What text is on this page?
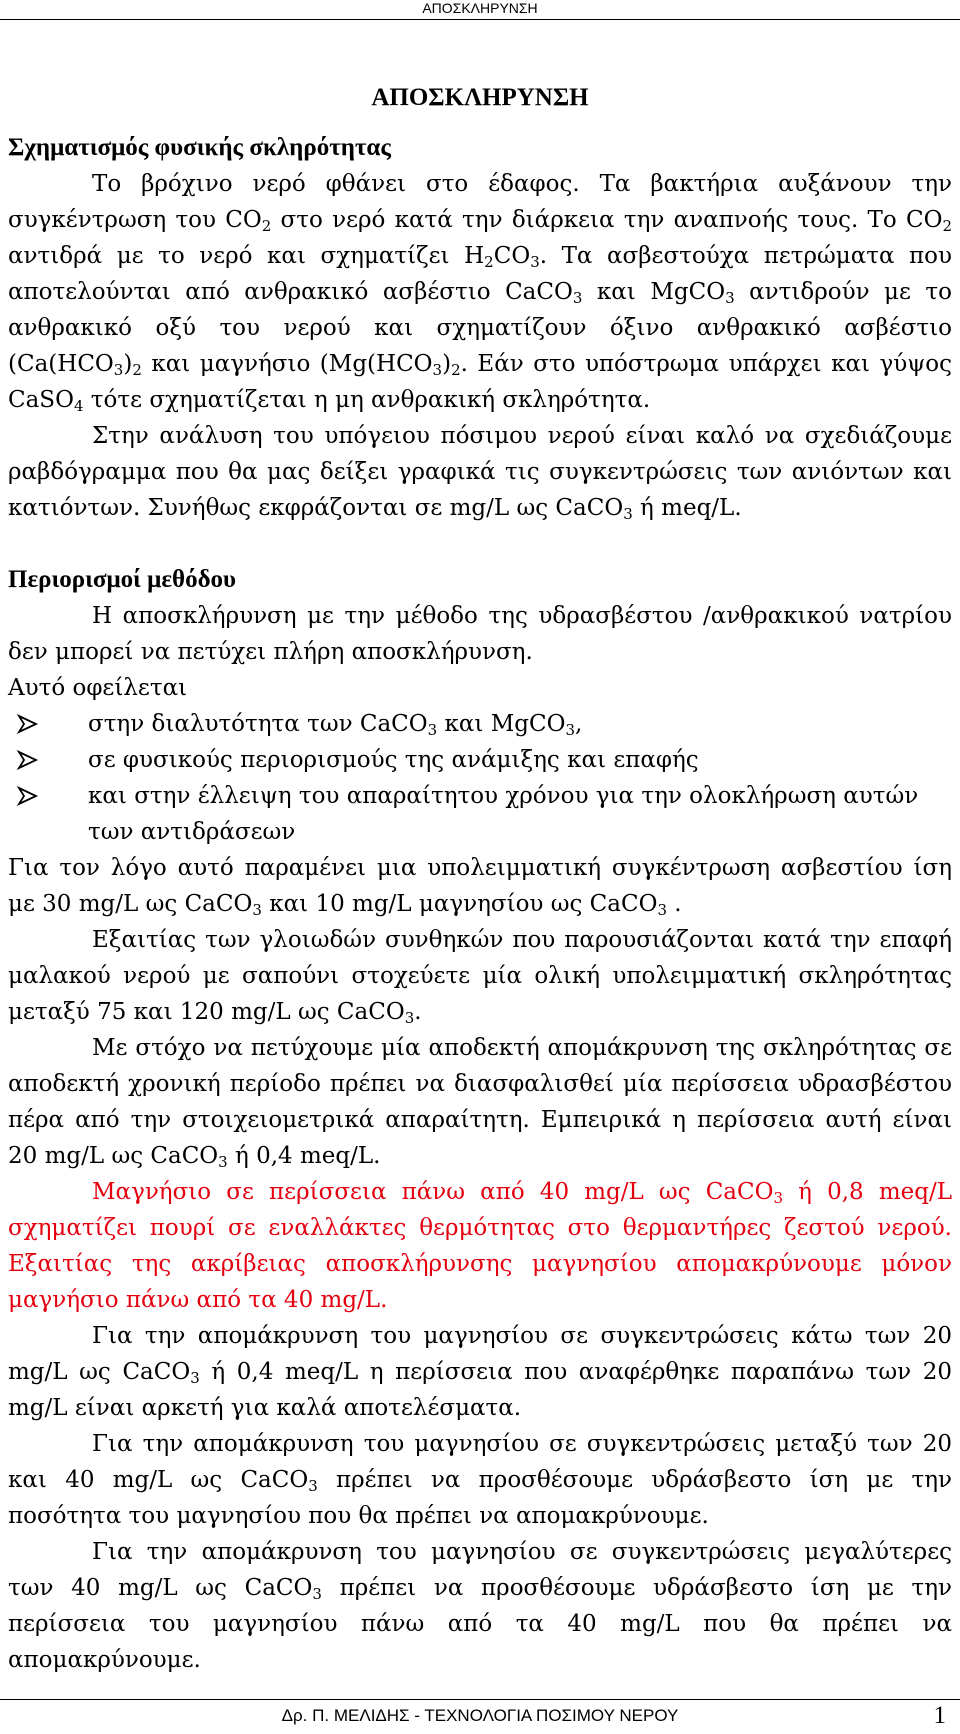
ΑΠΟΣΚΛΗΡΥΝΣΗ
ΑΠΟΣΚΛΗΡΥΝΣΗ
Σχηματισμός φυσικής σκληρότητας

Το βρόχινο νερό φθάνει στο έδαφος. Τα βακτήρια αυξάνουν την συγκέντρωση του $CO_2$ στο νερό κατά την διάρκεια την αναπνοής τους. Το $CO_2$ αντιδρά με το νερό και σχηματίζει $H_2CO_3$. Τα ασβεστούχα πετρώματα που αποτελούνται από ανθρακικό ασβέστιο CaCO$_3$ και MgCO$_3$ αντιδρούν με το ανθρακικό οξύ του νερού και σχηματίζουν όξινο ανθρακικό ασβέστιο ($Ca(HCO_3)_2$ και μαγνήσιο ($Mg(HCO_3)_2$. Εάν στο υπόστρωμα υπάρχει και γύψος CaSO$_4$ τότε σχηματίζεται η μη ανθρακική σκληρότητα.

Στην ανάλυση του υπόγειου πόσιμου νερού είναι καλό να σχεδιάζουμε ραβδόγραμμα που θα μας δείξει γραφικά τις συγκεντρώσεις των ανιόντων και κατιόντων. Συνήθως εκφράζονται σε mg/L ως CaCO$_3$ ή meq/L.

Περιορισμοί μεθόδου

Η αποσκλήρυνση με την μέθοδο της υδρασβέστου /ανθρακικού νατρίου δεν μπορεί να πετύχει πλήρη αποσκλήρυνση.

Αυτό οφείλεται

στην διαλυτότητα των CaCO$_3$ και MgCO$_3$,
σε φυσικούς περιορισμούς της ανάμιξης και επαφής
και στην έλλειψη του απαραίτητου χρόνου για την ολοκλήρωση αυτών των αντιδράσεων

Για τον λόγο αυτό παραμένει μια υπολειμματική συγκέντρωση ασβεστίου ίση με 30 mg/L ως CaCO$_3$ και 10 mg/L μαγνησίου ως CaCO$_3$ .

Εξαιτίας των γλοιωδών συνθηκών που παρουσιάζονται κατά την επαφή μαλακού νερού με σαπούνι στοχεύετε μία ολική υπολειμματική σκληρότητας μεταξύ 75 και 120 mg/L ως CaCO$_3$.

Με στόχο να πετύχουμε μία αποδεκτή απομάκρυνση της σκληρότητας σε αποδεκτή χρονική περίοδο πρέπει να διασφαλισθεί μία περίσσεια υδρασβέστου πέρα από την στοιχειομετρικά απαραίτητη. Εμπειρικά η περίσσεια αυτή είναι 20 mg/L ως CaCO$_3$ ή 0,4 meq/L.

Μαγνήσιο σε περίσσεια πάνω από 40 mg/L ως CaCO$_3$ ή 0,8 meq/L σχηματίζει πουρί σε εναλλάκτες θερμότητας στο θερμαντήρες ζεστού νερού. Εξαιτίας της ακρίβειας αποσκλήρυνσης μαγνησίου απομακρύνουμε μόνον μαγνήσιο πάνω από τα 40 mg/L.

Για την απομάκρυνση του μαγνησίου σε συγκεντρώσεις κάτω των 20 mg/L ως CaCO$_3$ ή 0,4 meq/L η περίσσεια που αναφέρθηκε παραπάνω των 20 mg/L είναι αρκετή για καλά αποτελέσματα.

Για την απομάκρυνση του μαγνησίου σε συγκεντρώσεις μεταξύ των 20 και 40 mg/L ως CaCO$_3$ πρέπει να προσθέσουμε υδράσβεστο ίση με την ποσότητα του μαγνησίου που θα πρέπει να απομακρύνουμε.

Για την απομάκρυνση του μαγνησίου σε συγκεντρώσεις μεγαλύτερες των 40 mg/L ως CaCO$_3$ πρέπει να προσθέσουμε υδράσβεστο ίση με την περίσσεια του μαγνησίου πάνω από τα 40 mg/L που θα πρέπει να απομακρύνουμε.

Δρ. Π. ΜΕΛΙΔΗΣ - ΤΕΧΝΟΛΟΓΙΑ ΠΟΣΙΜΟΥ ΝΕΡΟΥ	1
